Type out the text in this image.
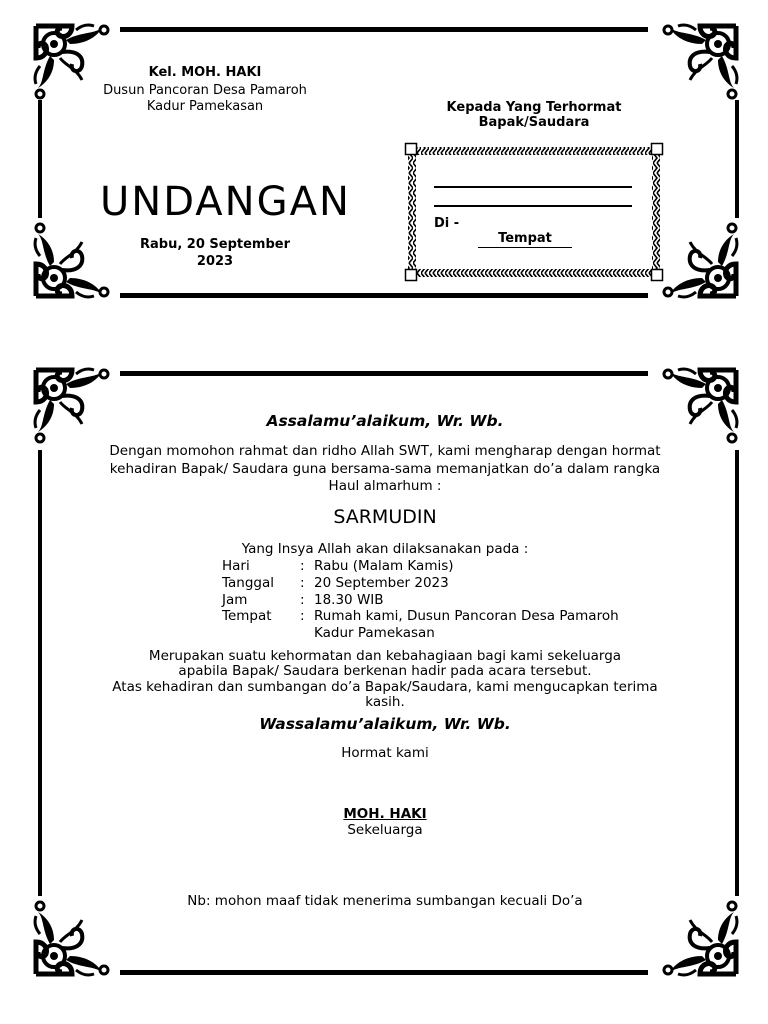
Kel. MOH. HAKI
Dusun Pancoran Desa Pamaroh
Kadur Pamekasan
UNDANGAN
Rabu, 20 September 2023
Kepada Yang Terhormat
Bapak/Saudara
Di -
Tempat
Assalamu’alaikum, Wr. Wb.
Dengan momohon rahmat dan ridho Allah SWT, kami mengharap dengan hormat
kehadiran Bapak/ Saudara guna bersama-sama memanjatkan do’a dalam rangka
Haul almarhum :
SARMUDIN
Yang Insya Allah akan dilaksanakan pada :
Hari	: Rabu (Malam Kamis)
Tanggal : 20 September 2023
Jam	: 18.30 WIB
Tempat : Rumah kami, Dusun Pancoran Desa Pamaroh
Kadur Pamekasan
Merupakan suatu kehormatan dan kebahagiaan bagi kami sekeluarga
apabila Bapak/ Saudara berkenan hadir pada acara tersebut.
Atas kehadiran dan sumbangan do’a Bapak/Saudara, kami mengucapkan terima
kasih.
Wassalamu’alaikum, Wr. Wb.
Hormat kami
MOH. HAKI
Sekeluarga
Nb: mohon maaf tidak menerima sumbangan kecuali Do’a
